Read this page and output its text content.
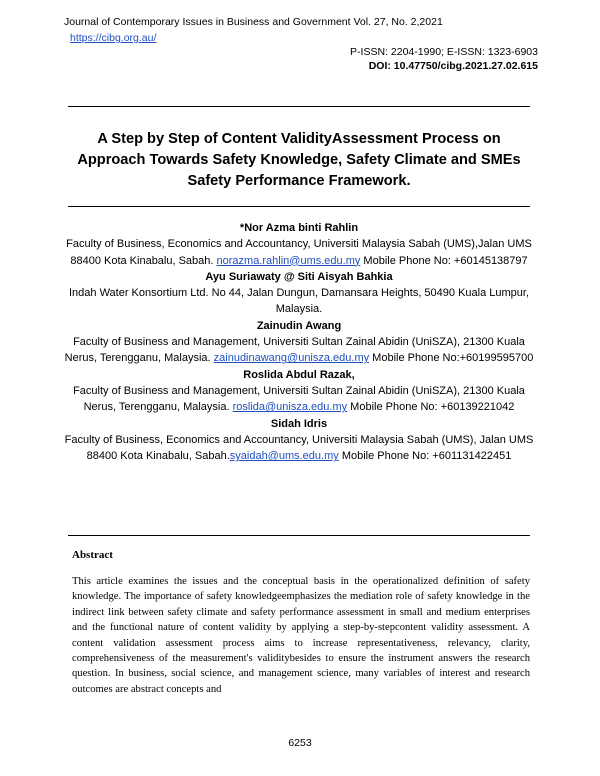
Journal of Contemporary Issues in Business and Government Vol. 27, No. 2,2021
https://cibg.org.au/
P-ISSN: 2204-1990; E-ISSN: 1323-6903
DOI: 10.47750/cibg.2021.27.02.615
A Step by Step of Content ValidityAssessment Process on Approach Towards Safety Knowledge, Safety Climate and SMEs Safety Performance Framework.
*Nor Azma binti Rahlin
Faculty of Business, Economics and Accountancy, Universiti Malaysia Sabah (UMS),Jalan UMS 88400 Kota Kinabalu, Sabah. norazma.rahlin@ums.edu.my Mobile Phone No: +60145138797
Ayu Suriawaty @ Siti Aisyah Bahkia
Indah Water Konsortium Ltd. No 44, Jalan Dungun, Damansara Heights, 50490 Kuala Lumpur, Malaysia.
Zainudin Awang
Faculty of Business and Management, Universiti Sultan Zainal Abidin (UniSZA), 21300 Kuala Nerus, Terengganu, Malaysia. zainudinawang@unisza.edu.my Mobile Phone No:+60199595700
Roslida Abdul Razak,
Faculty of Business and Management, Universiti Sultan Zainal Abidin (UniSZA), 21300 Kuala Nerus, Terengganu, Malaysia. roslida@unisza.edu.my Mobile Phone No: +60139221042
Sidah Idris
Faculty of Business, Economics and Accountancy, Universiti Malaysia Sabah (UMS), Jalan UMS 88400 Kota Kinabalu, Sabah.syaidah@ums.edu.my Mobile Phone No: +601131422451
Abstract
This article examines the issues and the conceptual basis in the operationalized definition of safety knowledge. The importance of safety knowledgeemphasizes the mediation role of safety knowledge in the indirect link between safety climate and safety performance assessment in small and medium enterprises and the functional nature of content validity by applying a step-by-stepcontent validity assessment. A content validation assessment process aims to increase representativeness, relevancy, clarity, comprehensiveness of the measurement's validitybesides to ensure the instrument answers the research question. In business, social science, and management science, many variables of interest and research outcomes are abstract concepts and
6253
